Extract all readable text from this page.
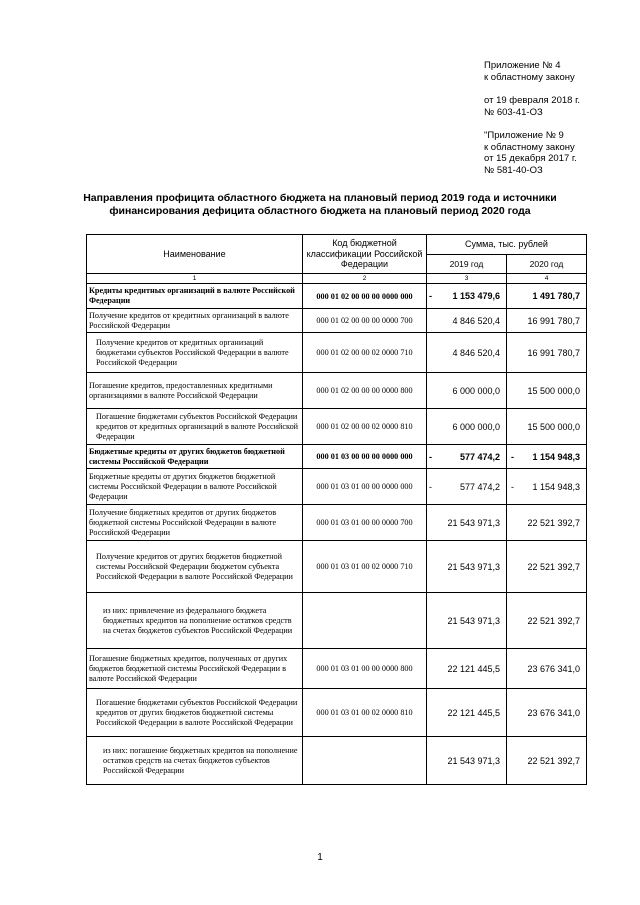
Приложение № 4

к областному закону

от 19 февраля 2018 г.

№ 603-41-ОЗ

"Приложение № 9

к областному закону

от 15 декабря 2017 г.

№ 581-40-ОЗ

Направления профицита областного бюджета на плановый период 2019 года и источники финансирования дефицита областного бюджета на плановый период 2020 года
Наименование	Код бюджетной классификации Российской Федерации	Сумма, тыс. рублей	
		2019 год	2020 год
1	2	3	4
Кредиты кредитных организаций в валюте Российской Федерации	000 01 02 00 00 00 0000 000	- 1 153 479,6	1 491 780,7
Получение кредитов от кредитных организаций в валюте Российской Федерации	000 01 02 00 00 00 0000 700	4 846 520,4	16 991 780,7
Получение кредитов от кредитных организаций бюджетами субъектов Российской Федерации в валюте Российской Федерации	000 01 02 00 00 02 0000 710	4 846 520,4	16 991 780,7
Погашение кредитов, предоставленных кредитными организациями в валюте Российской Федерации	000 01 02 00 00 00 0000 800	6 000 000,0	15 500 000,0
Погашение бюджетами субъектов Российской Федерации кредитов от кредитных организаций в валюте Российской Федерации	000 01 02 00 00 02 0000 810	6 000 000,0	15 500 000,0
Бюджетные кредиты от других бюджетов бюджетной системы Российской Федерации	000 01 03 00 00 00 0000 000	- 577 474,2	- 1 154 948,3
Бюджетные кредиты от других бюджетов бюджетной системы Российской Федерации в валюте Российской Федерации	000 01 03 01 00 00 0000 000	- 577 474,2	- 1 154 948,3
Получение бюджетных кредитов от других бюджетов бюджетной системы Российской Федерации в валюте Российской Федерации	000 01 03 01 00 00 0000 700	21 543 971,3	22 521 392,7
Получение кредитов от других бюджетов бюджетной системы Российской Федерации бюджетом субъекта Российской Федерации в валюте Российской Федерации	000 01 03 01 00 02 0000 710	21 543 971,3	22 521 392,7
из них: привлечение из федерального бюджета бюджетных кредитов на пополнение остатков средств на счетах бюджетов субъектов Российской Федерации		21 543 971,3	22 521 392,7
Погашение бюджетных кредитов, полученных от других бюджетов бюджетной системы Российской Федерации в валюте Российской Федерации	000 01 03 01 00 00 0000 800	22 121 445,5	23 676 341,0
Погашение бюджетами субъектов Российской Федерации кредитов от других бюджетов бюджетной системы Российской Федерации в валюте Российской Федерации	000 01 03 01 00 02 0000 810	22 121 445,5	23 676 341,0
из них: погашение бюджетных кредитов на пополнение остатков средств на счетах бюджетов субъектов Российской Федерации		21 543 971,3	22 521 392,7
1
